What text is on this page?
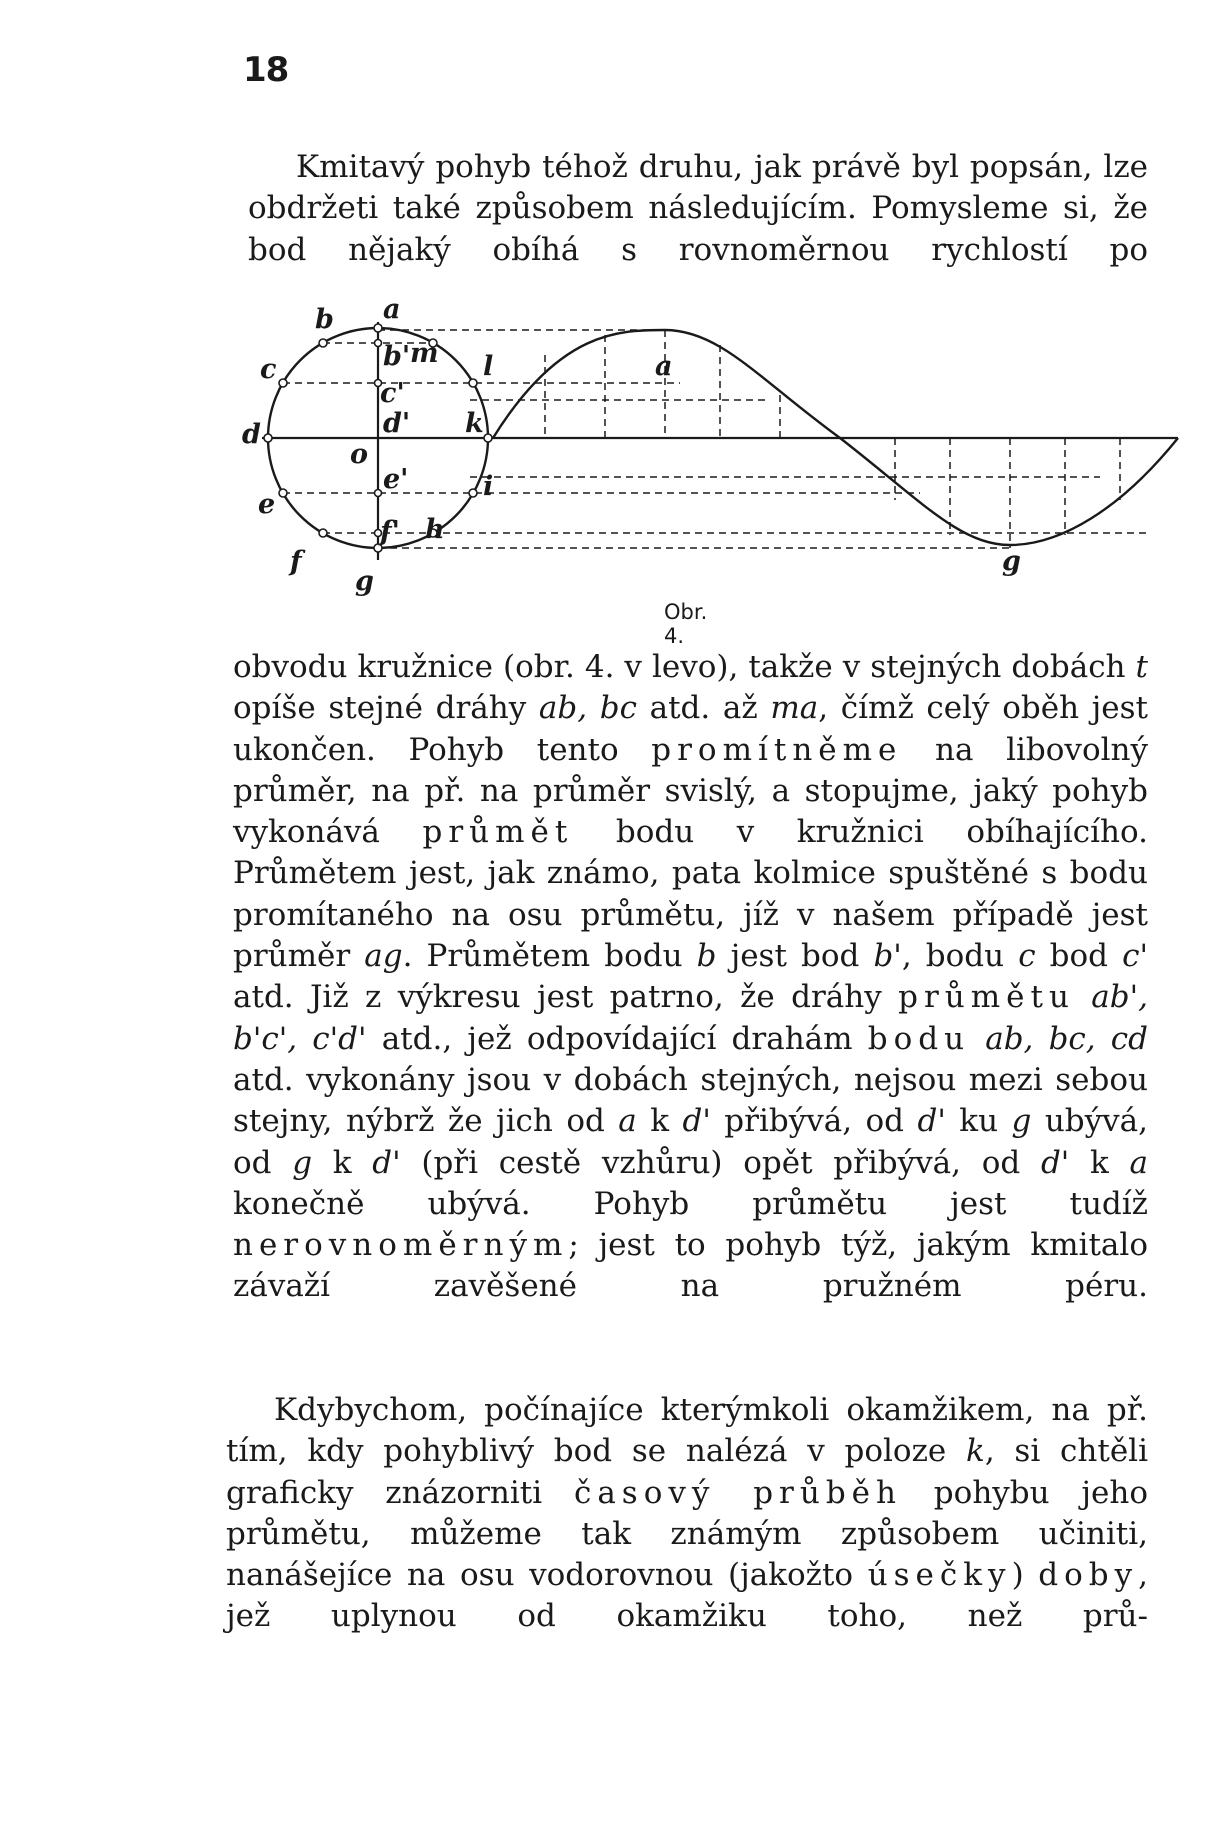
18

Kmitavý pohyb téhož druhu, jak právě byl popsán, lze obdržeti také způsobem následujícím. Pomysleme si, že bod nějaký obíhá s rovnoměrnou rychlostí po

b a
c	b' m l
c'
d	d' k
o
e
e'	i
f' h
f
g
a
g
Obr. 4.

obvodu kružnice (obr. 4. v levo), takže v stejných dobách t opíše stejné dráhy ab, bc atd. až ma, čímž celý oběh jest ukončen. Pohyb tento promítněme na libovolný průměr, na př. na průměr svislý, a stopujme, jaký pohyb vykonává průmět bodu v kružnici obíhajícího. Průmětem jest, jak známo, pata kolmice spuštěné s bodu promítaného na osu průmětu, jíž v našem případě jest průměr ag. Průmětem bodu b jest bod b', bodu c bod c' atd. Již z výkresu jest patrno, že dráhy průmětu ab', b'c', c'd' atd., jež odpovídající drahám bodu ab, bc, cd atd. vykonány jsou v dobách stejných, nejsou mezi sebou stejny, nýbrž že jich od a k d' přibývá, od d' ku g ubývá, od g k d' (při cestě vzhůru) opět přibývá, od d' k a konečně ubývá. Pohyb průmětu jest tudíž nerovnoměrným; jest to pohyb týž, jakým kmitalo závaží zavěšené na pružném péru.

Kdybychom, počínajíce kterýmkoli okamžikem, na př. tím, kdy pohyblivý bod se nalézá v poloze k, si chtěli graficky znázorniti časový průběh pohybu jeho průmětu, můžeme tak známým způsobem učiniti, nanášejíce na osu vodorovnou (jakožto úsečky) doby, jež uplynou od okamžiku toho, než prů-
